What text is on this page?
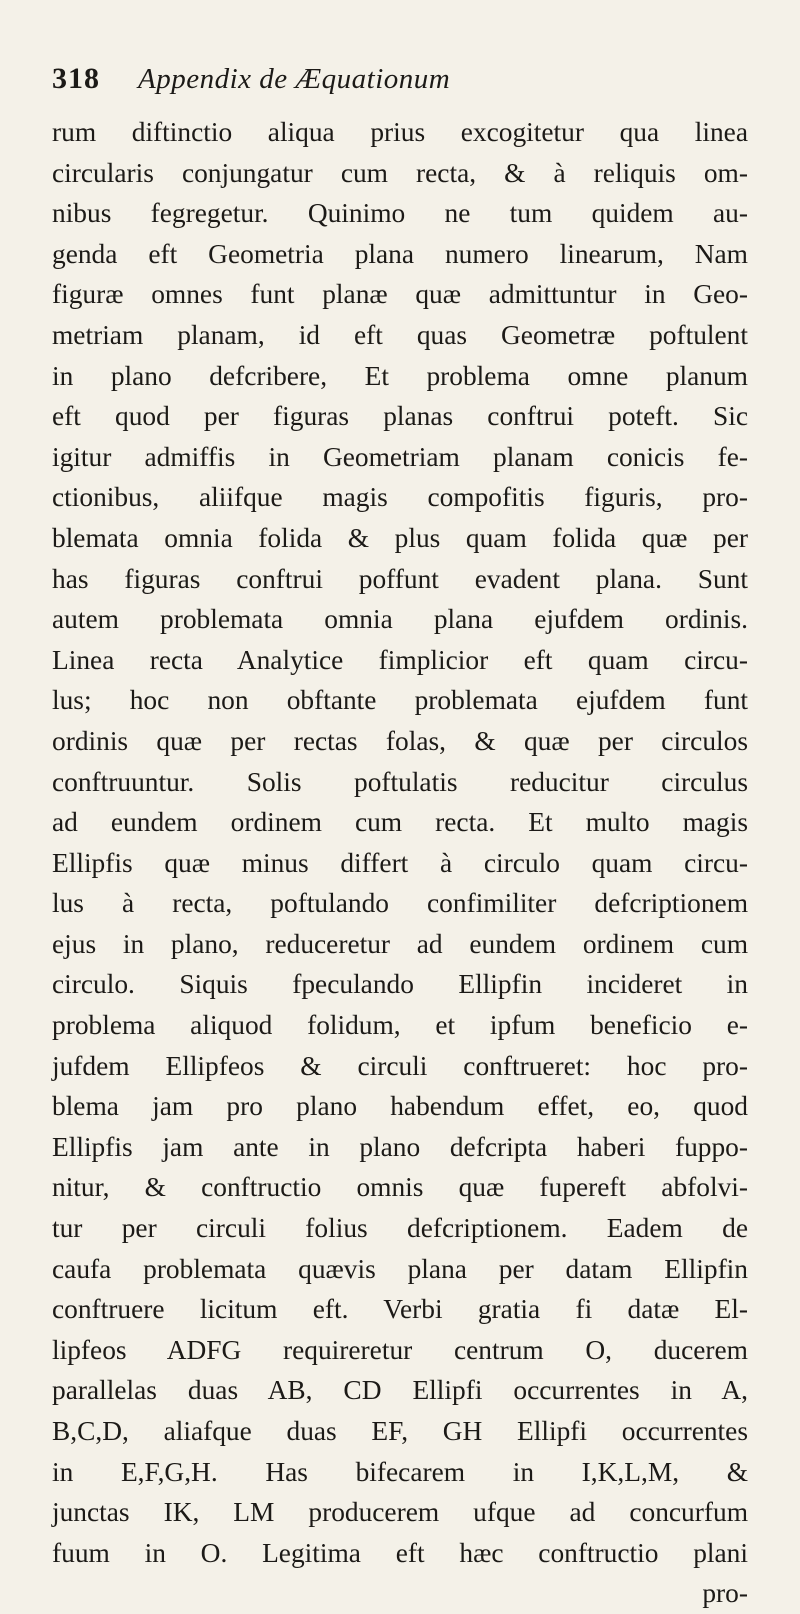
318	Appendix de Æquationum
rum diftinctio aliqua prius excogitetur qua linea
circularis conjungatur cum recta, & à reliquis om-
nibus fegregetur. Quinimo ne tum quidem au-
genda eft Geometria plana numero linearum, Nam
figuræ omnes funt planæ quæ admittuntur in Geo-
metriam planam, id eft quas Geometræ poftulent
in plano defcribere, Et problema omne planum
eft quod per figuras planas conftrui poteft. Sic
igitur admiffis in Geometriam planam conicis fe-
ctionibus, aliifque magis compofitis figuris, pro-
blemata omnia folida & plus quam folida quæ per
has figuras conftrui poffunt evadent plana. Sunt
autem problemata omnia plana ejufdem ordinis.
Linea recta Analytice fimplicior eft quam circu-
lus; hoc non obftante problemata ejufdem funt
ordinis quæ per rectas folas, & quæ per circulos
conftruuntur. Solis poftulatis reducitur circulus
ad eundem ordinem cum recta. Et multo magis
Ellipfis quæ minus differt à circulo quam circu-
lus à recta, poftulando confimiliter defcriptionem
ejus in plano, reduceretur ad eundem ordinem cum
circulo. Siquis fpeculando Ellipfin incideret in
problema aliquod folidum, et ipfum beneficio e-
jufdem Ellipfeos & circuli conftrueret: hoc pro-
blema jam pro plano habendum effet, eo, quod
Ellipfis jam ante in plano defcripta haberi fuppo-
nitur, & conftructio omnis quæ fupereft abfolvi-
tur per circuli folius defcriptionem. Eadem de
caufa problemata quævis plana per datam Ellipfin
conftruere licitum eft. Verbi gratia fi datæ El-
lipfeos ADFG requireretur centrum O, ducerem
parallelas duas AB, CD Ellipfi occurrentes in A,
B,C,D, aliafque duas EF, GH Ellipfi occurrentes
in E,F,G,H. Has bifecarem in I,K,L,M, &
junctas IK, LM producerem ufque ad concurfum
fuum in O. Legitima eft hæc conftructio plani
pro-
